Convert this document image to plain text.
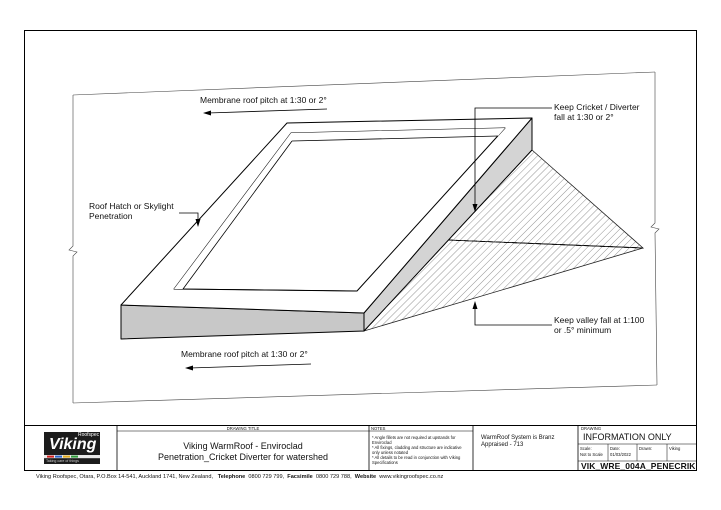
Membrane roof pitch at 1:30 or 2°
Membrane roof pitch at 1:30 or 2°
Keep Cricket / Diverter
fall at 1:30 or 2°
Roof Hatch or Skylight
Penetration
Keep valley fall at 1:100
or .5° minimum
Roofspec
Viking
Taking care of things
DRAWING TITLE
Viking WarmRoof - Enviroclad
Penetration_Cricket Diverter for watershed
NOTES
* Angle fillets are not required at upstands for Enviroclad
* All fixings, cladding and structure are indicative only unless notated
* All details to be read in conjunction with Viking Specifications
WarmRoof System is Branz
Appraised - 713
DRAWING
INFORMATION ONLY
Scale:
Not to Scale
Date:
01/03/2022
Drawn:	Viking
VIK_WRE_004A_PENECRIK
Viking Roofspec, Otara, P.O.Box 14-541, Auckland 1741, New Zealand, Telephone 0800 729 799, Facsimile 0800 729 788, Website www.vikingroofspec.co.nz
